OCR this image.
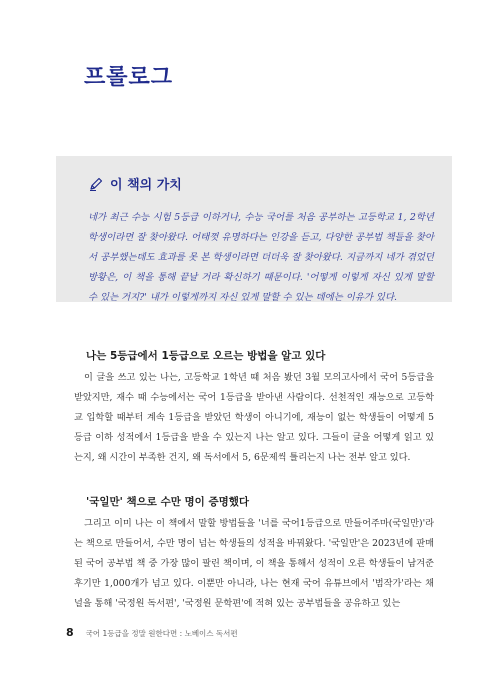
프롤로그
이 책의 가치

네가 최근 수능 시험 5등급 이하거나, 수능 국어를 처음 공부하는 고등학교 1, 2학년 학생이라면 잘 찾아왔다. 어태껏 유명하다는 인강을 듣고, 다양한 공부법 책들을 찾아서 공부했는데도 효과를 못 본 학생이라면 더더욱 잘 찾아왔다. 지금까지 네가 겪었던 방황은, 이 책을 통해 끝날 거라 확신하기 때문이다. '어떻게 이렇게 자신 있게 말할 수 있는 거지?' 내가 이렇게까지 자신 있게 말할 수 있는 데에는 이유가 있다.

나는 5등급에서 1등급으로 오르는 방법을 알고 있다

이 글을 쓰고 있는 나는, 고등학교 1학년 때 처음 봤던 3월 모의고사에서 국어 5등급을 받았지만, 재수 때 수능에서는 국어 1등급을 받아낸 사람이다. 선천적인 재능으로 고등학교 입학할 때부터 계속 1등급을 받았던 학생이 아니기에, 재능이 없는 학생들이 어떻게 5등급 이하 성적에서 1등급을 받을 수 있는지 나는 알고 있다. 그들이 글을 어떻게 읽고 있는지, 왜 시간이 부족한 건지, 왜 독서에서 5, 6문제씩 틀리는지 나는 전부 알고 있다.

'국일만' 책으로 수만 명이 증명했다

그리고 이미 나는 이 책에서 말할 방법들을 '너를 국어1등급으로 만들어주마(국일만)'라는 책으로 만들어서, 수만 명이 넘는 학생들의 성적을 바꿔왔다. '국일만'은 2023년에 판매된 국어 공부법 책 중 가장 많이 팔린 책이며, 이 책을 통해서 성적이 오른 학생들이 남겨준 후기만 1,000개가 넘고 있다. 이뿐만 아니라, 나는 현재 국어 유튜브에서 '범작가'라는 채널을 통해 '국정원 독서편', '국정원 문학편'에 적혀 있는 공부법들을 공유하고 있는

8 국어 1등급을 정말 원한다면 : 노베이스 독서편
